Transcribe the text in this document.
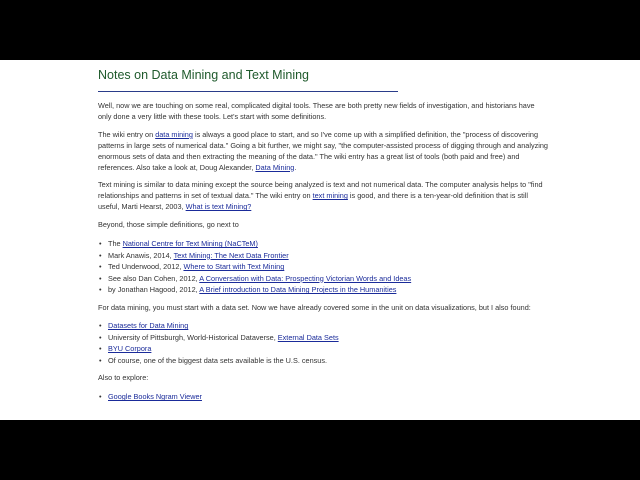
Notes on Data Mining and Text Mining

Well, now we are touching on some real, complicated digital tools. These are both pretty new fields of investigation, and historians have only done a very little with these tools. Let's start with some definitions.

The wiki entry on data mining is always a good place to start, and so I've come up with a simplified definition, the "process of discovering patterns in large sets of numerical data." Going a bit further, we might say, "the computer-assisted process of digging through and analyzing enormous sets of data and then extracting the meaning of the data." The wiki entry has a great list of tools (both paid and free) and references. Also take a look at, Doug Alexander, Data Mining.

Text mining is similar to data mining except the source being analyzed is text and not numerical data. The computer analysis helps to "find relationships and patterns in set of textual data." The wiki entry on text mining is good, and there is a ten-year-old definition that is still useful, Marti Hearst, 2003, What is text Mining?

Beyond, those simple definitions, go next to

• The National Centre for Text Mining (NaCTeM)
• Mark Anawis, 2014, Text Mining: The Next Data Frontier
• Ted Underwood, 2012, Where to Start with Text Mining
• See also Dan Cohen, 2012, A Conversation with Data: Prospecting Victorian Words and Ideas
• by Jonathan Hagood, 2012, A Brief introduction to Data Mining Projects in the Humanities

For data mining, you must start with a data set. Now we have already covered some in the unit on data visualizations, but I also found:

• Datasets for Data Mining
• University of Pittsburgh, World-Historical Dataverse, External Data Sets
• BYU Corpora
• Of course, one of the biggest data sets available is the U.S. census.

Also to explore:

• Google Books Ngram Viewer
